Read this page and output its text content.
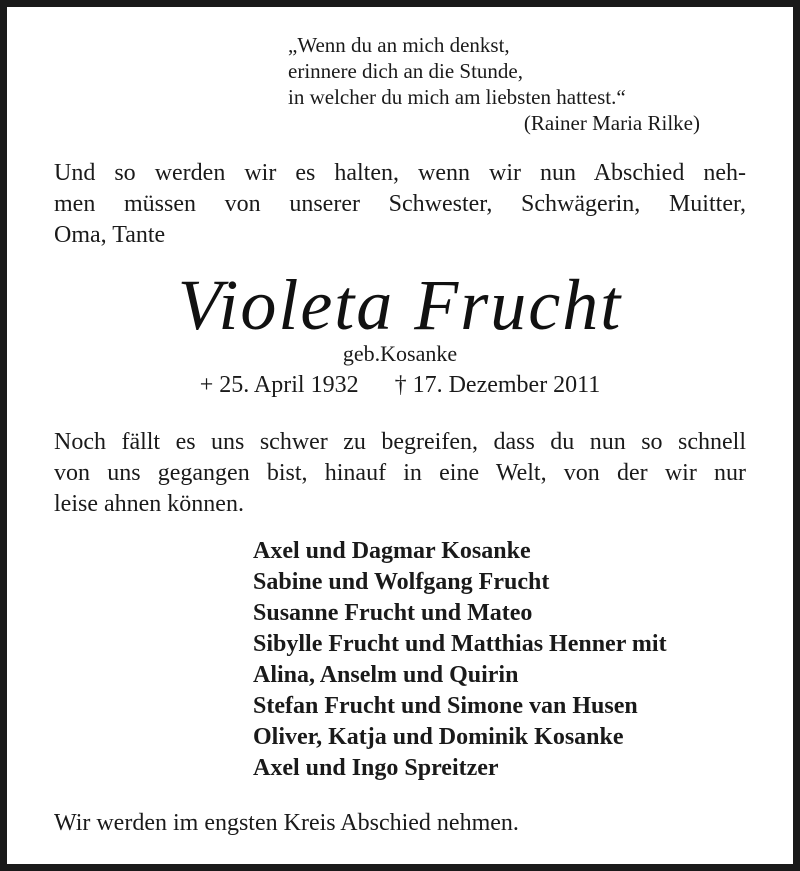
„Wenn du an mich denkst,
erinnere dich an die Stunde,
in welcher du mich am liebsten hattest.“
(Rainer Maria Rilke)
Und so werden wir es halten, wenn wir nun Abschied neh-
men müssen von unserer Schwester, Schwägerin, Muitter,
Oma, Tante
Violeta Frucht
geb.Kosanke
+ 25. April 1932 † 17. Dezember 2011
Noch fällt es uns schwer zu begreifen, dass du nun so schnell
von uns gegangen bist, hinauf in eine Welt, von der wir nur
leise ahnen können.
Axel und Dagmar Kosanke
Sabine und Wolfgang Frucht
Susanne Frucht und Mateo
Sibylle Frucht und Matthias Henner mit
Alina, Anselm und Quirin
Stefan Frucht und Simone van Husen
Oliver, Katja und Dominik Kosanke
Axel und Ingo Spreitzer
Wir werden im engsten Kreis Abschied nehmen.
